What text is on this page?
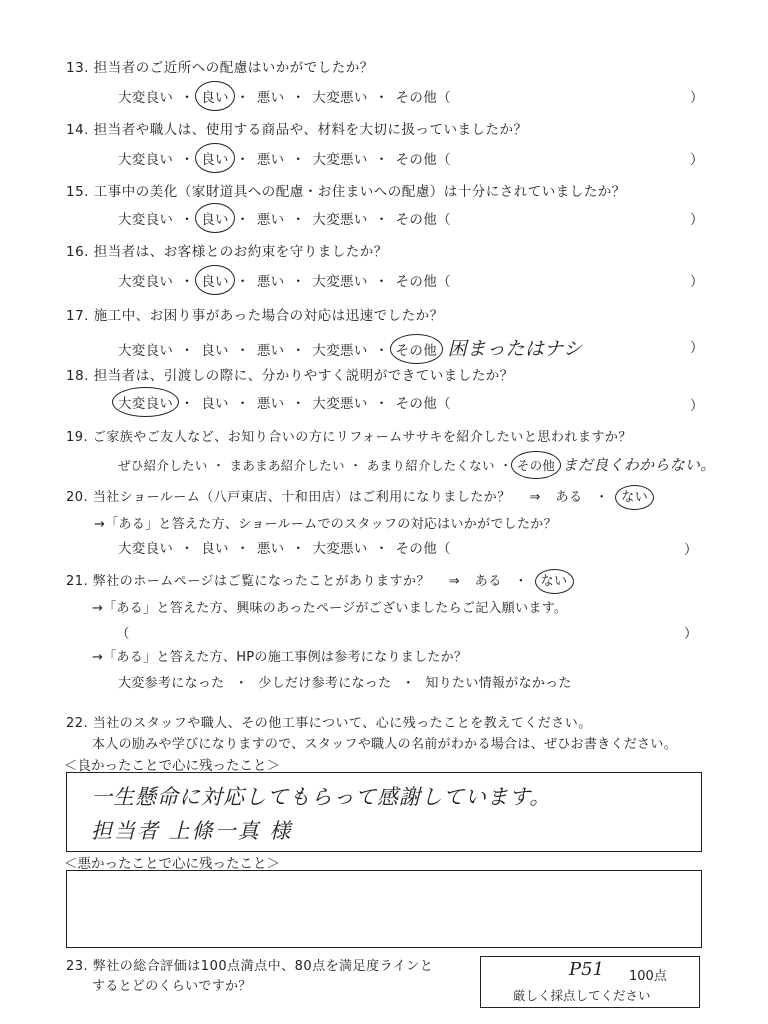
13. 担当者のご近所への配慮はいかがでしたか？
大変良い ・ 良い ・ 悪い ・ 大変悪い ・ その他（	）
14. 担当者や職人は、使用する商品や、材料を大切に扱っていましたか？
大変良い ・ 良い ・ 悪い ・ 大変悪い ・ その他（	）
15. 工事中の美化（家財道具への配慮・お住まいへの配慮）は十分にされていましたか？
大変良い ・ 良い ・ 悪い ・ 大変悪い ・ その他（	）
16. 担当者は、お客様とのお約束を守りましたか？
大変良い ・ 良い ・ 悪い ・ 大変悪い ・ その他（	）
17. 施工中、お困り事があった場合の対応は迅速でしたか？
大変良い ・ 良い ・ 悪い ・ 大変悪い ・ その他 困まったはナシ	）
18. 担当者は、引渡しの際に、分かりやすく説明ができていましたか？
大変良い ・ 良い ・ 悪い ・ 大変悪い ・ その他（	）
19. ご家族やご友人など、お知り合いの方にリフォームササキを紹介したいと思われますか？
ぜひ紹介したい ・ まあまあ紹介したい ・ あまり紹介したくない ・ その他 まだ良くわからない。
20. 当社ショールーム（八戸東店、十和田店）はご利用になりましたか？ ⇒ ある ・ ない
→「ある」と答えた方、ショールームでのスタッフの対応はいかがでしたか？
大変良い ・ 良い ・ 悪い ・ 大変悪い ・ その他（	）
21. 弊社のホームページはご覧になったことがありますか？ ⇒ ある ・ ない
→「ある」と答えた方、興味のあったページがございましたらご記入願います。
（	）
→「ある」と答えた方、HPの施工事例は参考になりましたか？
大変参考になった ・ 少しだけ参考になった ・ 知りたい情報がなかった
22. 当社のスタッフや職人、その他工事について、心に残ったことを教えてください。
本人の励みや学びになりますので、スタッフや職人の名前がわかる場合は、ぜひお書きください。
＜良かったことで心に残ったこと＞
一生懸命に対応してもらって感謝しています。
担当者 上條一真 様
＜悪かったことで心に残ったこと＞
23. 弊社の総合評価は100点満点中、80点を満足度ラインと
するとどのくらいですか？
P51 100点
厳しく採点してください
